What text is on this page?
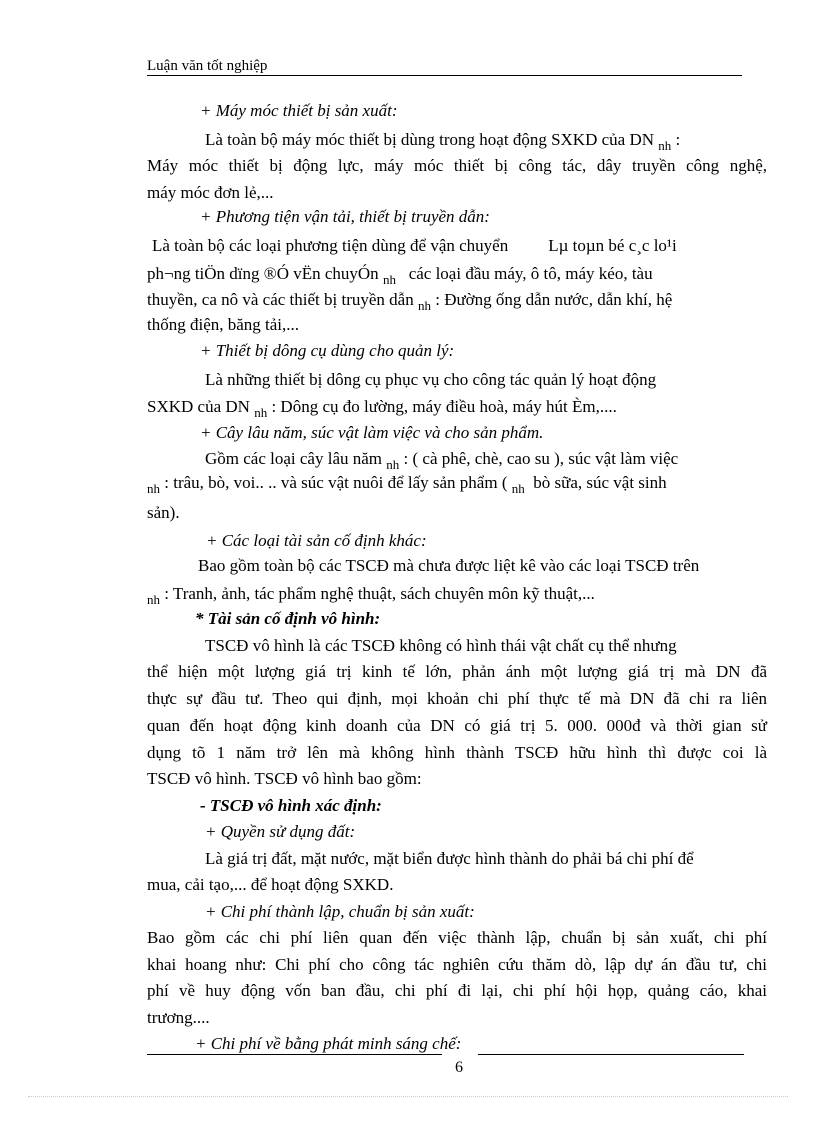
Luận văn tốt nghiệp
+ Máy móc thiết bị sản xuất:
Là toàn bộ máy móc thiết bị dùng trong hoạt động SXKD của DN $_{nh}$ :
Máy móc thiết bị động lực, máy móc thiết bị công tác, dây truyền công nghệ,
máy móc đơn lẻ,...
+ Phương tiện vận tải, thiết bị truyền dẫn:
Là toàn bộ các loại phương tiện dùng để vận chuyển Lµ toµn bé c¸c lo¹i
ph¬ng tiÖn dïng ®Ó vËn chuyÓn $_{nh}$ các loại đầu máy, ô tô, máy kéo, tàu
thuyền, ca nô và các thiết bị truyền dẫn $_{nh}$ : Đường ống dẫn nước, dẫn khí, hệ
thống điện, băng tải,...
+ Thiết bị dông cụ dùng cho quản lý:
Là những thiết bị dông cụ phục vụ cho công tác quản lý hoạt động
SXKD của DN $_{nh}$ : Dông cụ đo lường, máy điều hoà, máy hút Èm,....
+ Cây lâu năm, súc vật làm việc và cho sản phẩm.
Gồm các loại cây lâu năm $_{nh}$ : ( cà phê, chè, cao su ), súc vật làm việc
$_{nh}$ : trâu, bò, voi.. .. và súc vật nuôi để lấy sản phẩm ( $_{nh}$ bò sữa, súc vật sinh
sản).
+ Các loại tài sản cố định khác:
Bao gồm toàn bộ các TSCĐ mà chưa được liệt kê vào các loại TSCĐ trên
$_{nh}$ : Tranh, ảnh, tác phẩm nghệ thuật, sách chuyên môn kỹ thuật,...
* Tài sản cố định vô hình:
TSCĐ vô hình là các TSCĐ không có hình thái vật chất cụ thể nhưng
thể hiện một lượng giá trị kinh tế lớn, phản ánh một lượng giá trị mà DN đã
thực sự đầu tư. Theo qui định, mọi khoản chi phí thực tế mà DN đã chi ra liên
quan đến hoạt động kinh doanh của DN có giá trị 5. 000. 000đ và thời gian sử
dụng tõ 1 năm trở lên mà không hình thành TSCĐ hữu hình thì được coi là
TSCĐ vô hình. TSCĐ vô hình bao gồm:
- TSCĐ vô hình xác định:
+ Quyền sử dụng đất:
Là giá trị đất, mặt nước, mặt biển được hình thành do phải bá chi phí để
mua, cải tạo,... để hoạt động SXKD.
+ Chi phí thành lập, chuẩn bị sản xuất:
Bao gồm các chi phí liên quan đến việc thành lập, chuẩn bị sản xuất, chi phí
khai hoang như: Chi phí cho công tác nghiên cứu thăm dò, lập dự án đầu tư, chi
phí về huy động vốn ban đầu, chi phí đi lại, chi phí hội họp, quảng cáo, khai
trương....
+ Chi phí về bằng phát minh sáng chế:
6
